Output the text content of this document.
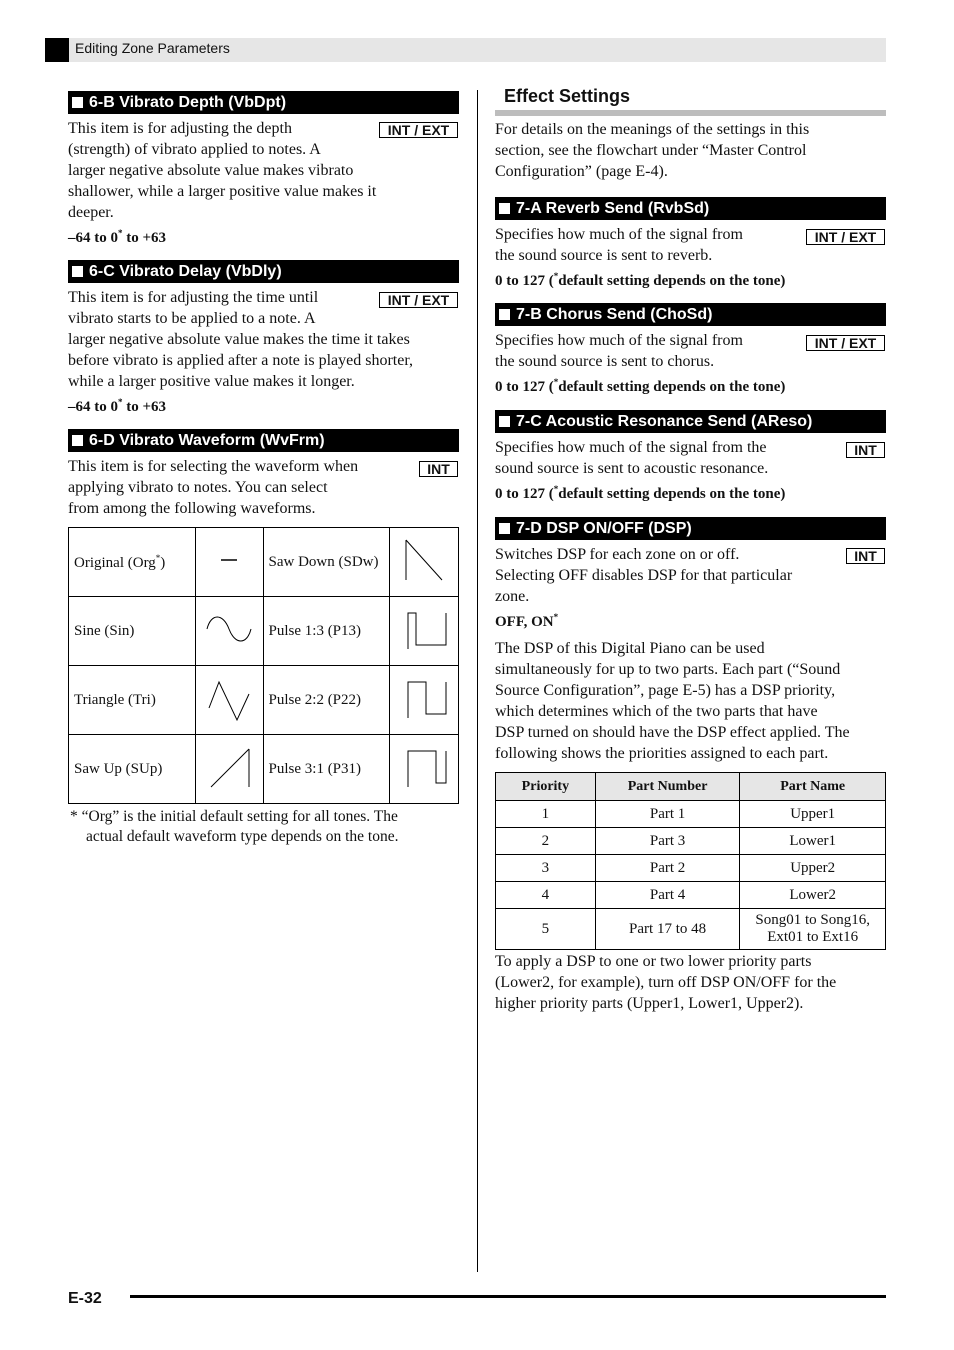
Editing Zone Parameters
6-B Vibrato Depth (VbDpt)
INT / EXT
This item is for adjusting the depth
(strength) of vibrato applied to notes. A
larger negative absolute value makes vibrato
shallower, while a larger positive value makes it
deeper.
–64 to 0* to +63
6-C Vibrato Delay (VbDly)
INT / EXT
This item is for adjusting the time until
vibrato starts to be applied to a note. A
larger negative absolute value makes the time it takes
before vibrato is applied after a note is played shorter,
while a larger positive value makes it longer.
–64 to 0* to +63
6-D Vibrato Waveform (WvFrm)
INT
This item is for selecting the waveform when
applying vibrato to notes. You can select
from among the following waveforms.
Original (Org*)		Saw Down (SDw)	
Sine (Sin)		Pulse 1:3 (P13)	
Triangle (Tri)		Pulse 2:2 (P22)	
Saw Up (SUp)		Pulse 3:1 (P31)	
* “Org” is the initial default setting for all tones. The
actual default waveform type depends on the tone.
Effect Settings
For details on the meanings of the settings in this
section, see the flowchart under “Master Control
Configuration” (page E-4).
7-A Reverb Send (RvbSd)
INT / EXT
Specifies how much of the signal from
the sound source is sent to reverb.
0 to 127 (*default setting depends on the tone)
7-B Chorus Send (ChoSd)
INT / EXT
Specifies how much of the signal from
the sound source is sent to chorus.
0 to 127 (*default setting depends on the tone)
7-C Acoustic Resonance Send (AReso)
INT
Specifies how much of the signal from the
sound source is sent to acoustic resonance.
0 to 127 (*default setting depends on the tone)
7-D DSP ON/OFF (DSP)
INT
Switches DSP for each zone on or off.
Selecting OFF disables DSP for that particular
zone.
OFF, ON*
The DSP of this Digital Piano can be used
simultaneously for up to two parts. Each part (“Sound
Source Configuration”, page E-5) has a DSP priority,
which determines which of the two parts that have
DSP turned on should have the DSP effect applied. The
following shows the priorities assigned to each part.
Priority	Part Number	Part Name
1	Part 1	Upper1
2	Part 3	Lower1
3	Part 2	Upper2
4	Part 4	Lower2
5	Part 17 to 48	Song01 to Song16,
Ext01 to Ext16
To apply a DSP to one or two lower priority parts
(Lower2, for example), turn off DSP ON/OFF for the
higher priority parts (Upper1, Lower1, Upper2).
E-32
